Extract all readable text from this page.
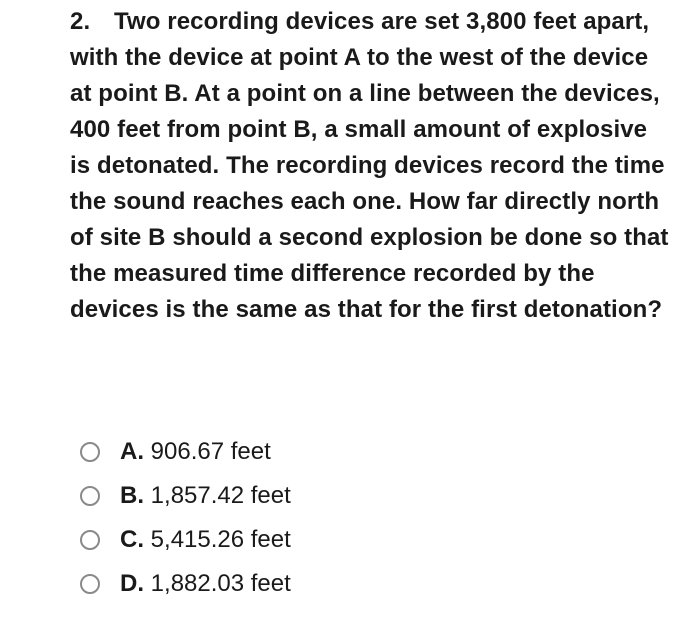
2. Two recording devices are set 3,800 feet apart, with the device at point A to the west of the device at point B. At a point on a line between the devices, 400 feet from point B, a small amount of explosive is detonated. The recording devices record the time the sound reaches each one. How far directly north of site B should a second explosion be done so that the measured time difference recorded by the devices is the same as that for the first detonation?
A. 906.67 feet
B. 1,857.42 feet
C. 5,415.26 feet
D. 1,882.03 feet
